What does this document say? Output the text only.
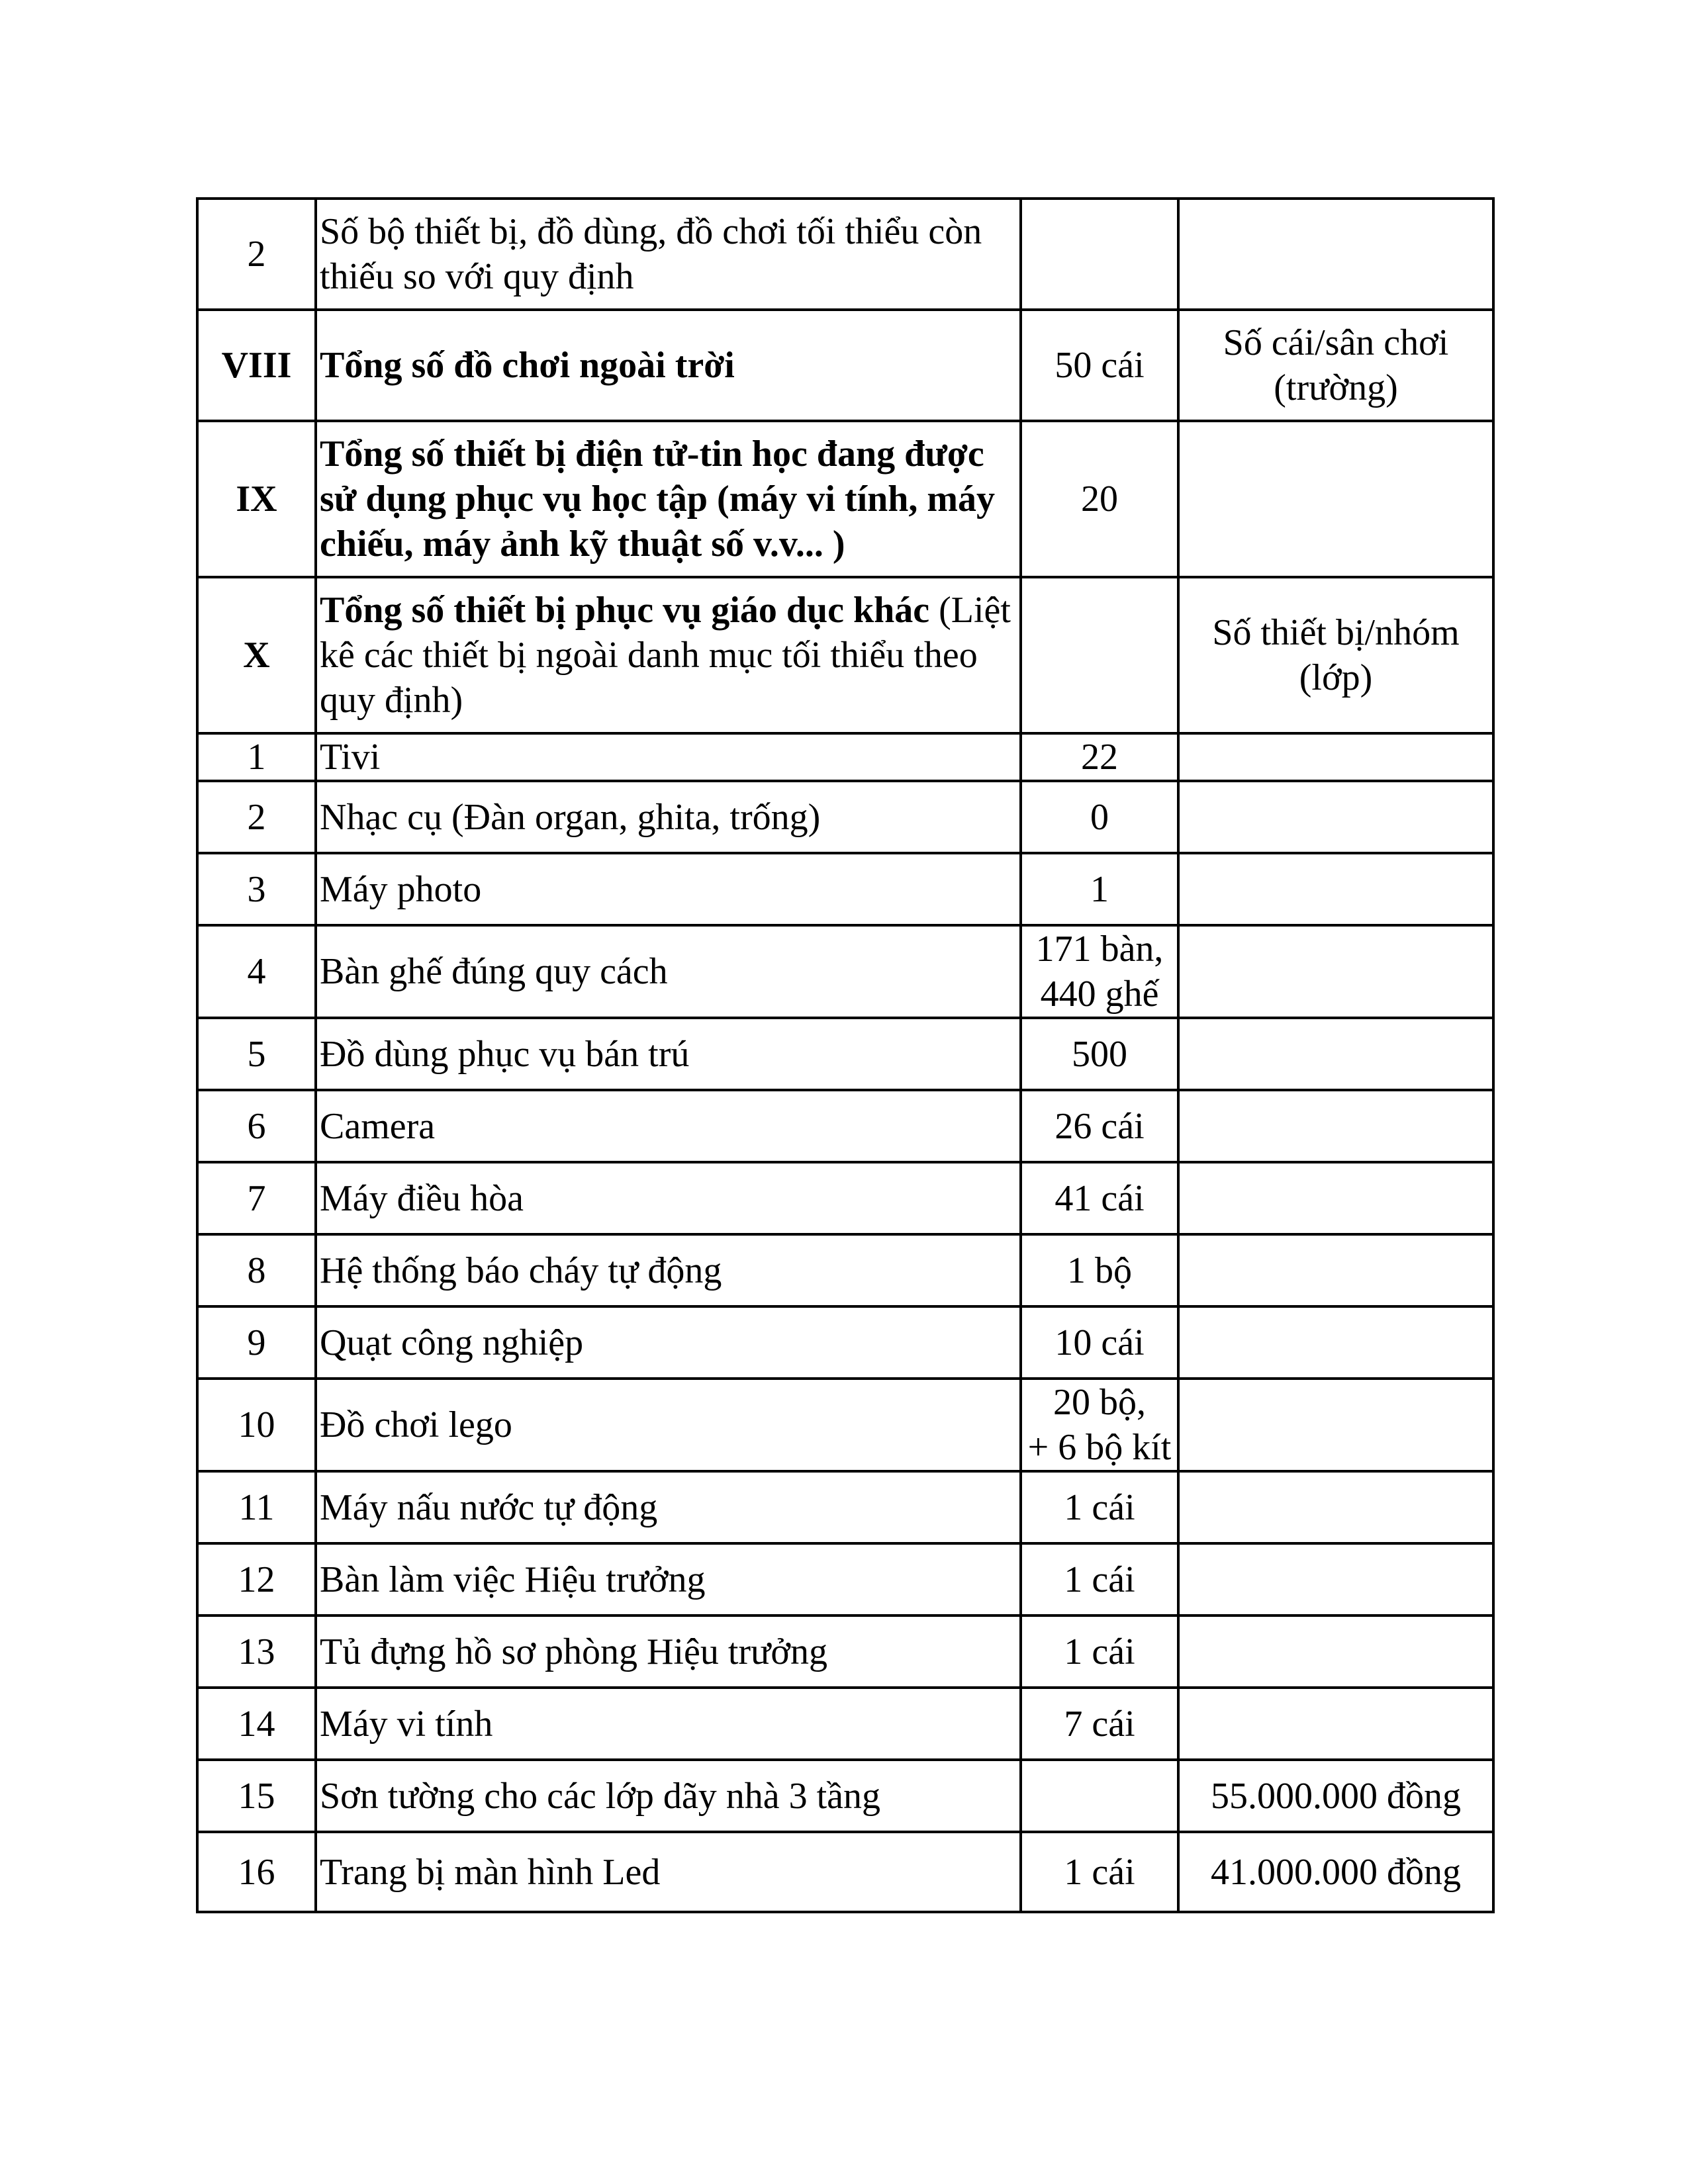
2	Số bộ thiết bị, đồ dùng, đồ chơi tối thiểu còn thiếu so với quy định		
VIII	Tổng số đồ chơi ngoài trời	50 cái	Số cái/sân chơi (trường)
IX	Tổng số thiết bị điện tử-tin học đang được sử dụng phục vụ học tập (máy vi tính, máy chiếu, máy ảnh kỹ thuật số v.v... )	20	
X	Tổng số thiết bị phục vụ giáo dục khác (Liệt kê các thiết bị ngoài danh mục tối thiểu theo quy định)		Số thiết bị/nhóm (lớp)
1	Tivi	22	
2	Nhạc cụ (Đàn organ, ghita, trống)	0	
3	Máy photo	1	
4	Bàn ghế đúng quy cách	171 bàn,
440 ghế	
5	Đồ dùng phục vụ bán trú	500	
6	Camera	26 cái	
7	Máy điều hòa	41 cái	
8	Hệ thống báo cháy tự động	1 bộ	
9	Quạt công nghiệp	10 cái	
10	Đồ chơi lego	20 bộ,
+ 6 bộ kít	
11	Máy nấu nước tự động	1 cái	
12	Bàn làm việc Hiệu trưởng	1 cái	
13	Tủ đựng hồ sơ phòng Hiệu trưởng	1 cái	
14	Máy vi tính	7 cái	
15	Sơn tường cho các lớp dãy nhà 3 tầng		55.000.000 đồng
16	Trang bị màn hình Led	1 cái	41.000.000 đồng
